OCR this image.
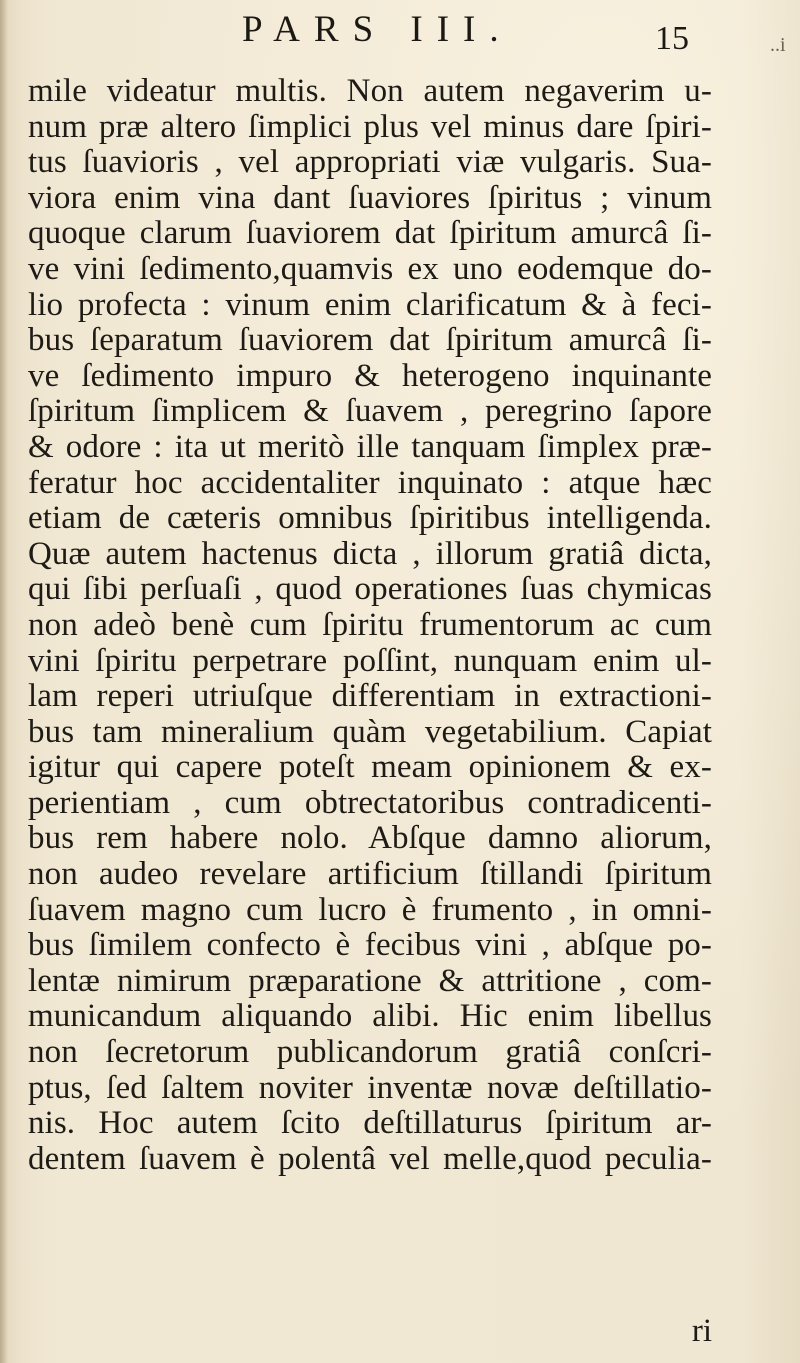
PARS III.	15	..i
mile videatur multis. Non autem negaverim u-
num præ altero ſimplici plus vel minus dare ſpiri-
tus ſuavioris , vel appropriati viæ vulgaris. Sua-
viora enim vina dant ſuaviores ſpiritus ; vinum
quoque clarum ſuaviorem dat ſpiritum amurcâ ſi-
ve vini ſedimento,quamvis ex uno eodemque do-
lio profecta : vinum enim clarificatum & à feci-
bus ſeparatum ſuaviorem dat ſpiritum amurcâ ſi-
ve ſedimento impuro & heterogeno inquinante
ſpiritum ſimplicem & ſuavem , peregrino ſapore
& odore : ita ut meritò ille tanquam ſimplex præ-
feratur hoc accidentaliter inquinato : atque hæc
etiam de cæteris omnibus ſpiritibus intelligenda.
Quæ autem hactenus dicta , illorum gratiâ dicta,
qui ſibi perſuaſi , quod operationes ſuas chymicas
non adeò benè cum ſpiritu frumentorum ac cum
vini ſpiritu perpetrare poſſint, nunquam enim ul-
lam reperi utriuſque differentiam in extractioni-
bus tam mineralium quàm vegetabilium. Capiat
igitur qui capere poteſt meam opinionem & ex-
perientiam , cum obtrectatoribus contradicenti-
bus rem habere nolo. Abſque damno aliorum,
non audeo revelare artificium ſtillandi ſpiritum
ſuavem magno cum lucro è frumento , in omni-
bus ſimilem confecto è fecibus vini , abſque po-
lentæ nimirum præparatione & attritione , com-
municandum aliquando alibi. Hic enim libellus
non ſecretorum publicandorum gratiâ conſcri-
ptus, ſed ſaltem noviter inventæ novæ deſtillatio-
nis. Hoc autem ſcito deſtillaturus ſpiritum ar-
dentem ſuavem è polentâ vel melle,quod peculia-
ri
